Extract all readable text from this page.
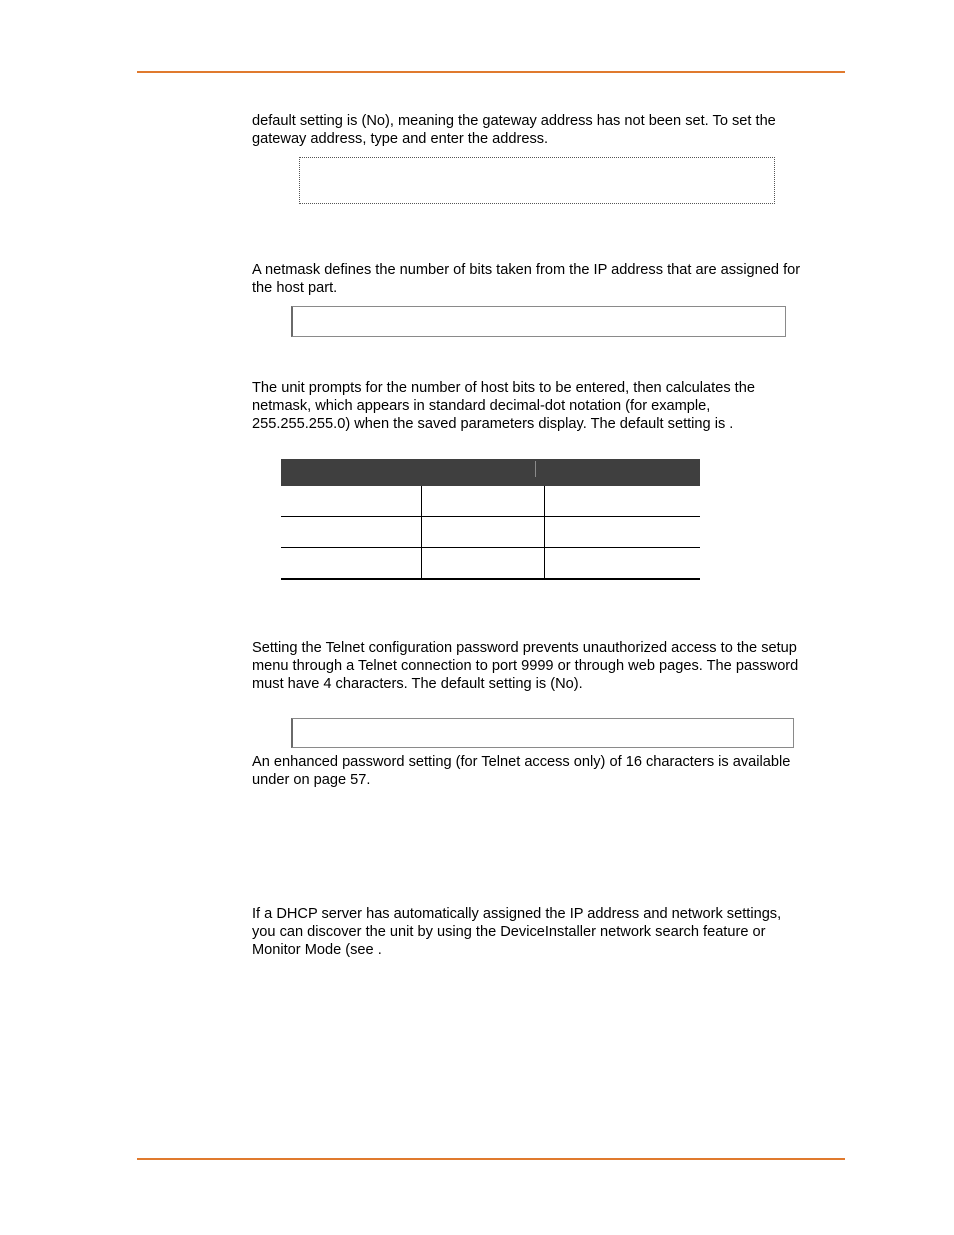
default setting is (No), meaning the gateway address has not been set. To set the
gateway address, type and enter the address.

A netmask defines the number of bits taken from the IP address that are assigned for
the host part.

The unit prompts for the number of host bits to be entered, then calculates the
netmask, which appears in standard decimal-dot notation (for example,
255.255.255.0) when the saved parameters display. The default setting is .

Setting the Telnet configuration password prevents unauthorized access to the setup
menu through a Telnet connection to port 9999 or through web pages. The password
must have 4 characters. The default setting is (No).

An enhanced password setting (for Telnet access only) of 16 characters is available
under on page 57.

If a DHCP server has automatically assigned the IP address and network settings,
you can discover the unit by using the DeviceInstaller network search feature or
Monitor Mode (see .
